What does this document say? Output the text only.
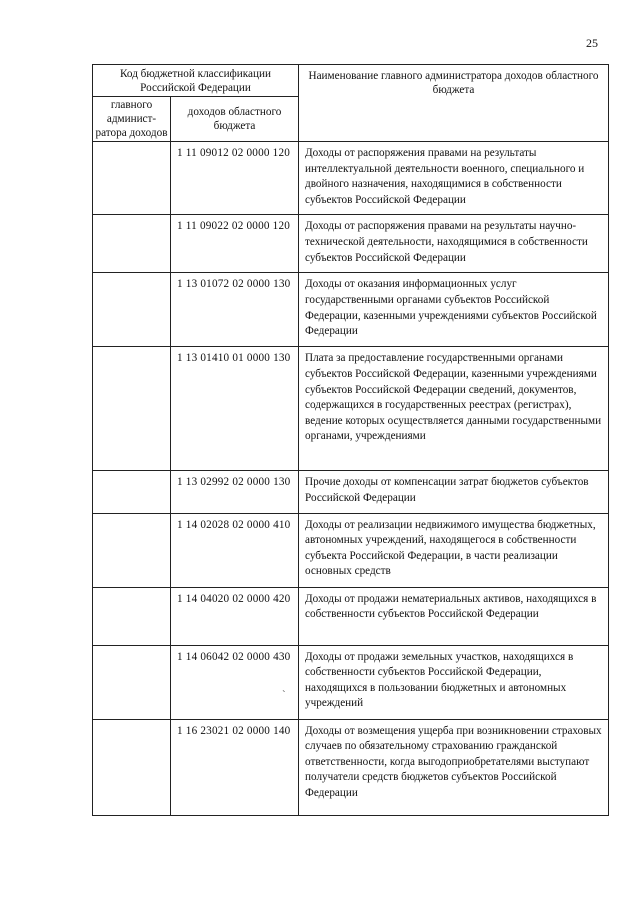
25
Код бюджетной классификации Российской Федерации		Наименование главного администратора доходов областного бюджета
главного админист-ратора доходов	доходов областного бюджета	
	1 11 09012 02 0000 120	Доходы от распоряжения правами на результаты интеллектуальной деятельности военного, специального и двойного назначения, находящимися в собственности субъектов Российской Федерации
	1 11 09022 02 0000 120	Доходы от распоряжения правами на результаты научно-технической деятельности, находящимися в собственности субъектов Российской Федерации
	1 13 01072 02 0000 130	Доходы от оказания информационных услуг государственными органами субъектов Российской Федерации, казенными учреждениями субъектов Российской Федерации
	1 13 01410 01 0000 130	Плата за предоставление государственными органами субъектов Российской Федерации, казенными учреждениями субъектов Российской Федерации сведений, документов, содержащихся в государственных реестрах (регистрах), ведение которых осуществляется данными государственными органами, учреждениями
	1 13 02992 02 0000 130	Прочие доходы от компенсации затрат бюджетов субъектов Российской Федерации
	1 14 02028 02 0000 410	Доходы от реализации недвижимого имущества бюджетных, автономных учреждений, находящегося в собственности субъекта Российской Федерации, в части реализации основных средств
	1 14 04020 02 0000 420	Доходы от продажи нематериальных активов, находящихся в собственности субъектов Российской Федерации
	1 14 06042 02 0000 430	Доходы от продажи земельных участков, находящихся в собственности субъектов Российской Федерации, находящихся в пользовании бюджетных и автономных учреждений
	1 16 23021 02 0000 140	Доходы от возмещения ущерба при возникновении страховых случаев по обязательному страхованию гражданской ответственности, когда выгодоприобретателями выступают получатели средств бюджетов субъектов Российской Федерации
`
